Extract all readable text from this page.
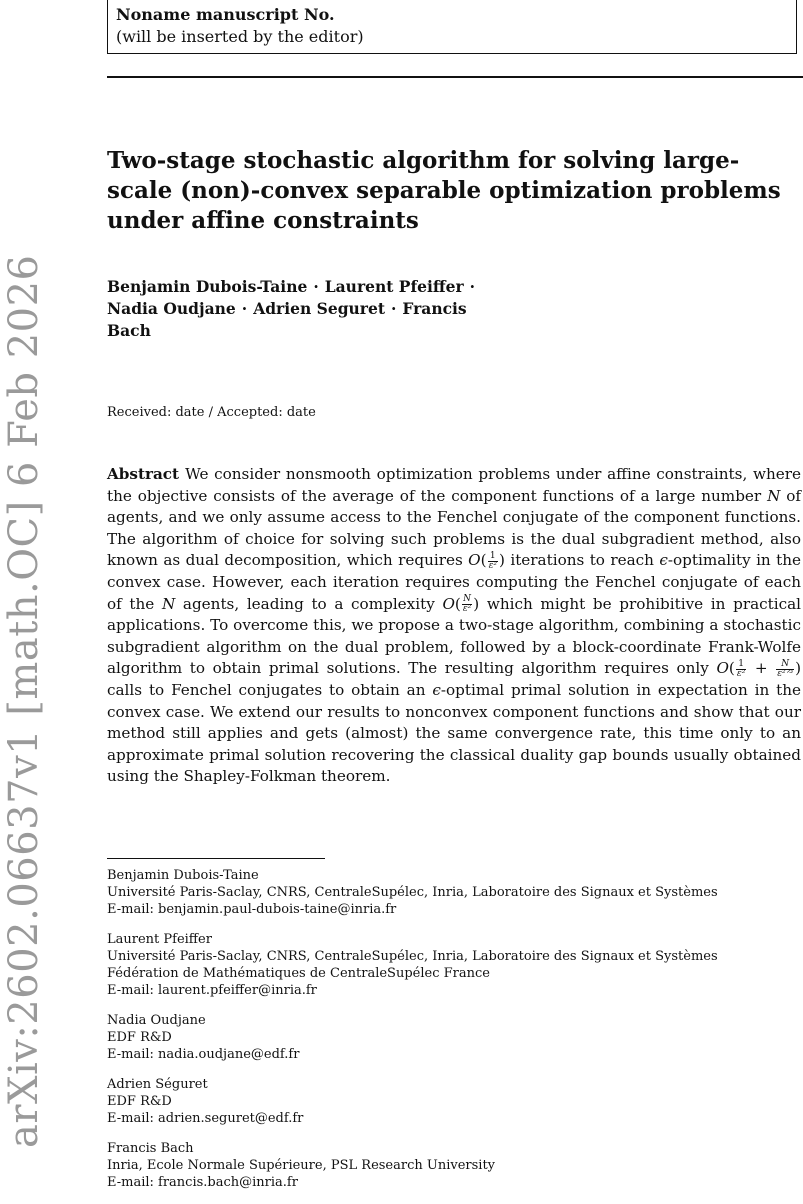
arXiv:2602.06637v1 [math.OC] 6 Feb 2026
Noname manuscript No.
(will be inserted by the editor)
Two-stage stochastic algorithm for solving large-scale (non)-convex separable optimization problems under affine constraints
Benjamin Dubois-Taine · Laurent Pfeiffer ·
Nadia Oudjane · Adrien Seguret · Francis
Bach
Received: date / Accepted: date

Abstract We consider nonsmooth optimization problems under affine constraints, where the objective consists of the average of the component functions of a large number N of agents, and we only assume access to the Fenchel conjugate of the component functions. The algorithm of choice for solving such problems is the dual subgradient method, also known as dual decomposition, which requires $O( \frac{1}{\text{ε²}}$ ) iterations to reach ϵ-optimality in the convex case. However, each iteration requires computing the Fenchel conjugate of each of the N agents, leading to a complexity $O( \frac{N}{\text{ε²}}$ ) which might be prohibitive in practical applications. To overcome this, we propose a two-stage algorithm, combining a stochastic subgradient algorithm on the dual problem, followed by a block-coordinate Frank-Wolfe algorithm to obtain primal solutions. The resulting algorithm requires only $O( \frac{1}{\text{ε²}} + \frac{N}{\text{ε²ᐟ³}}$ ) calls to Fenchel conjugates to obtain an ϵ-optimal primal solution in expectation in the convex case. We extend our results to nonconvex component functions and show that our method still applies and gets (almost) the same convergence rate, this time only to an approximate primal solution recovering the classical duality gap bounds usually obtained using the Shapley-Folkman theorem.

Benjamin Dubois-Taine
Université Paris-Saclay, CNRS, CentraleSupélec, Inria, Laboratoire des Signaux et Systèmes
E-mail: benjamin.paul-dubois-taine@inria.fr
Laurent Pfeiffer
Université Paris-Saclay, CNRS, CentraleSupélec, Inria, Laboratoire des Signaux et Systèmes
Fédération de Mathématiques de CentraleSupélec France
E-mail: laurent.pfeiffer@inria.fr
Nadia Oudjane
EDF R&D
E-mail: nadia.oudjane@edf.fr
Adrien Séguret
EDF R&D
E-mail: adrien.seguret@edf.fr
Francis Bach
Inria, Ecole Normale Supérieure, PSL Research University
E-mail: francis.bach@inria.fr
